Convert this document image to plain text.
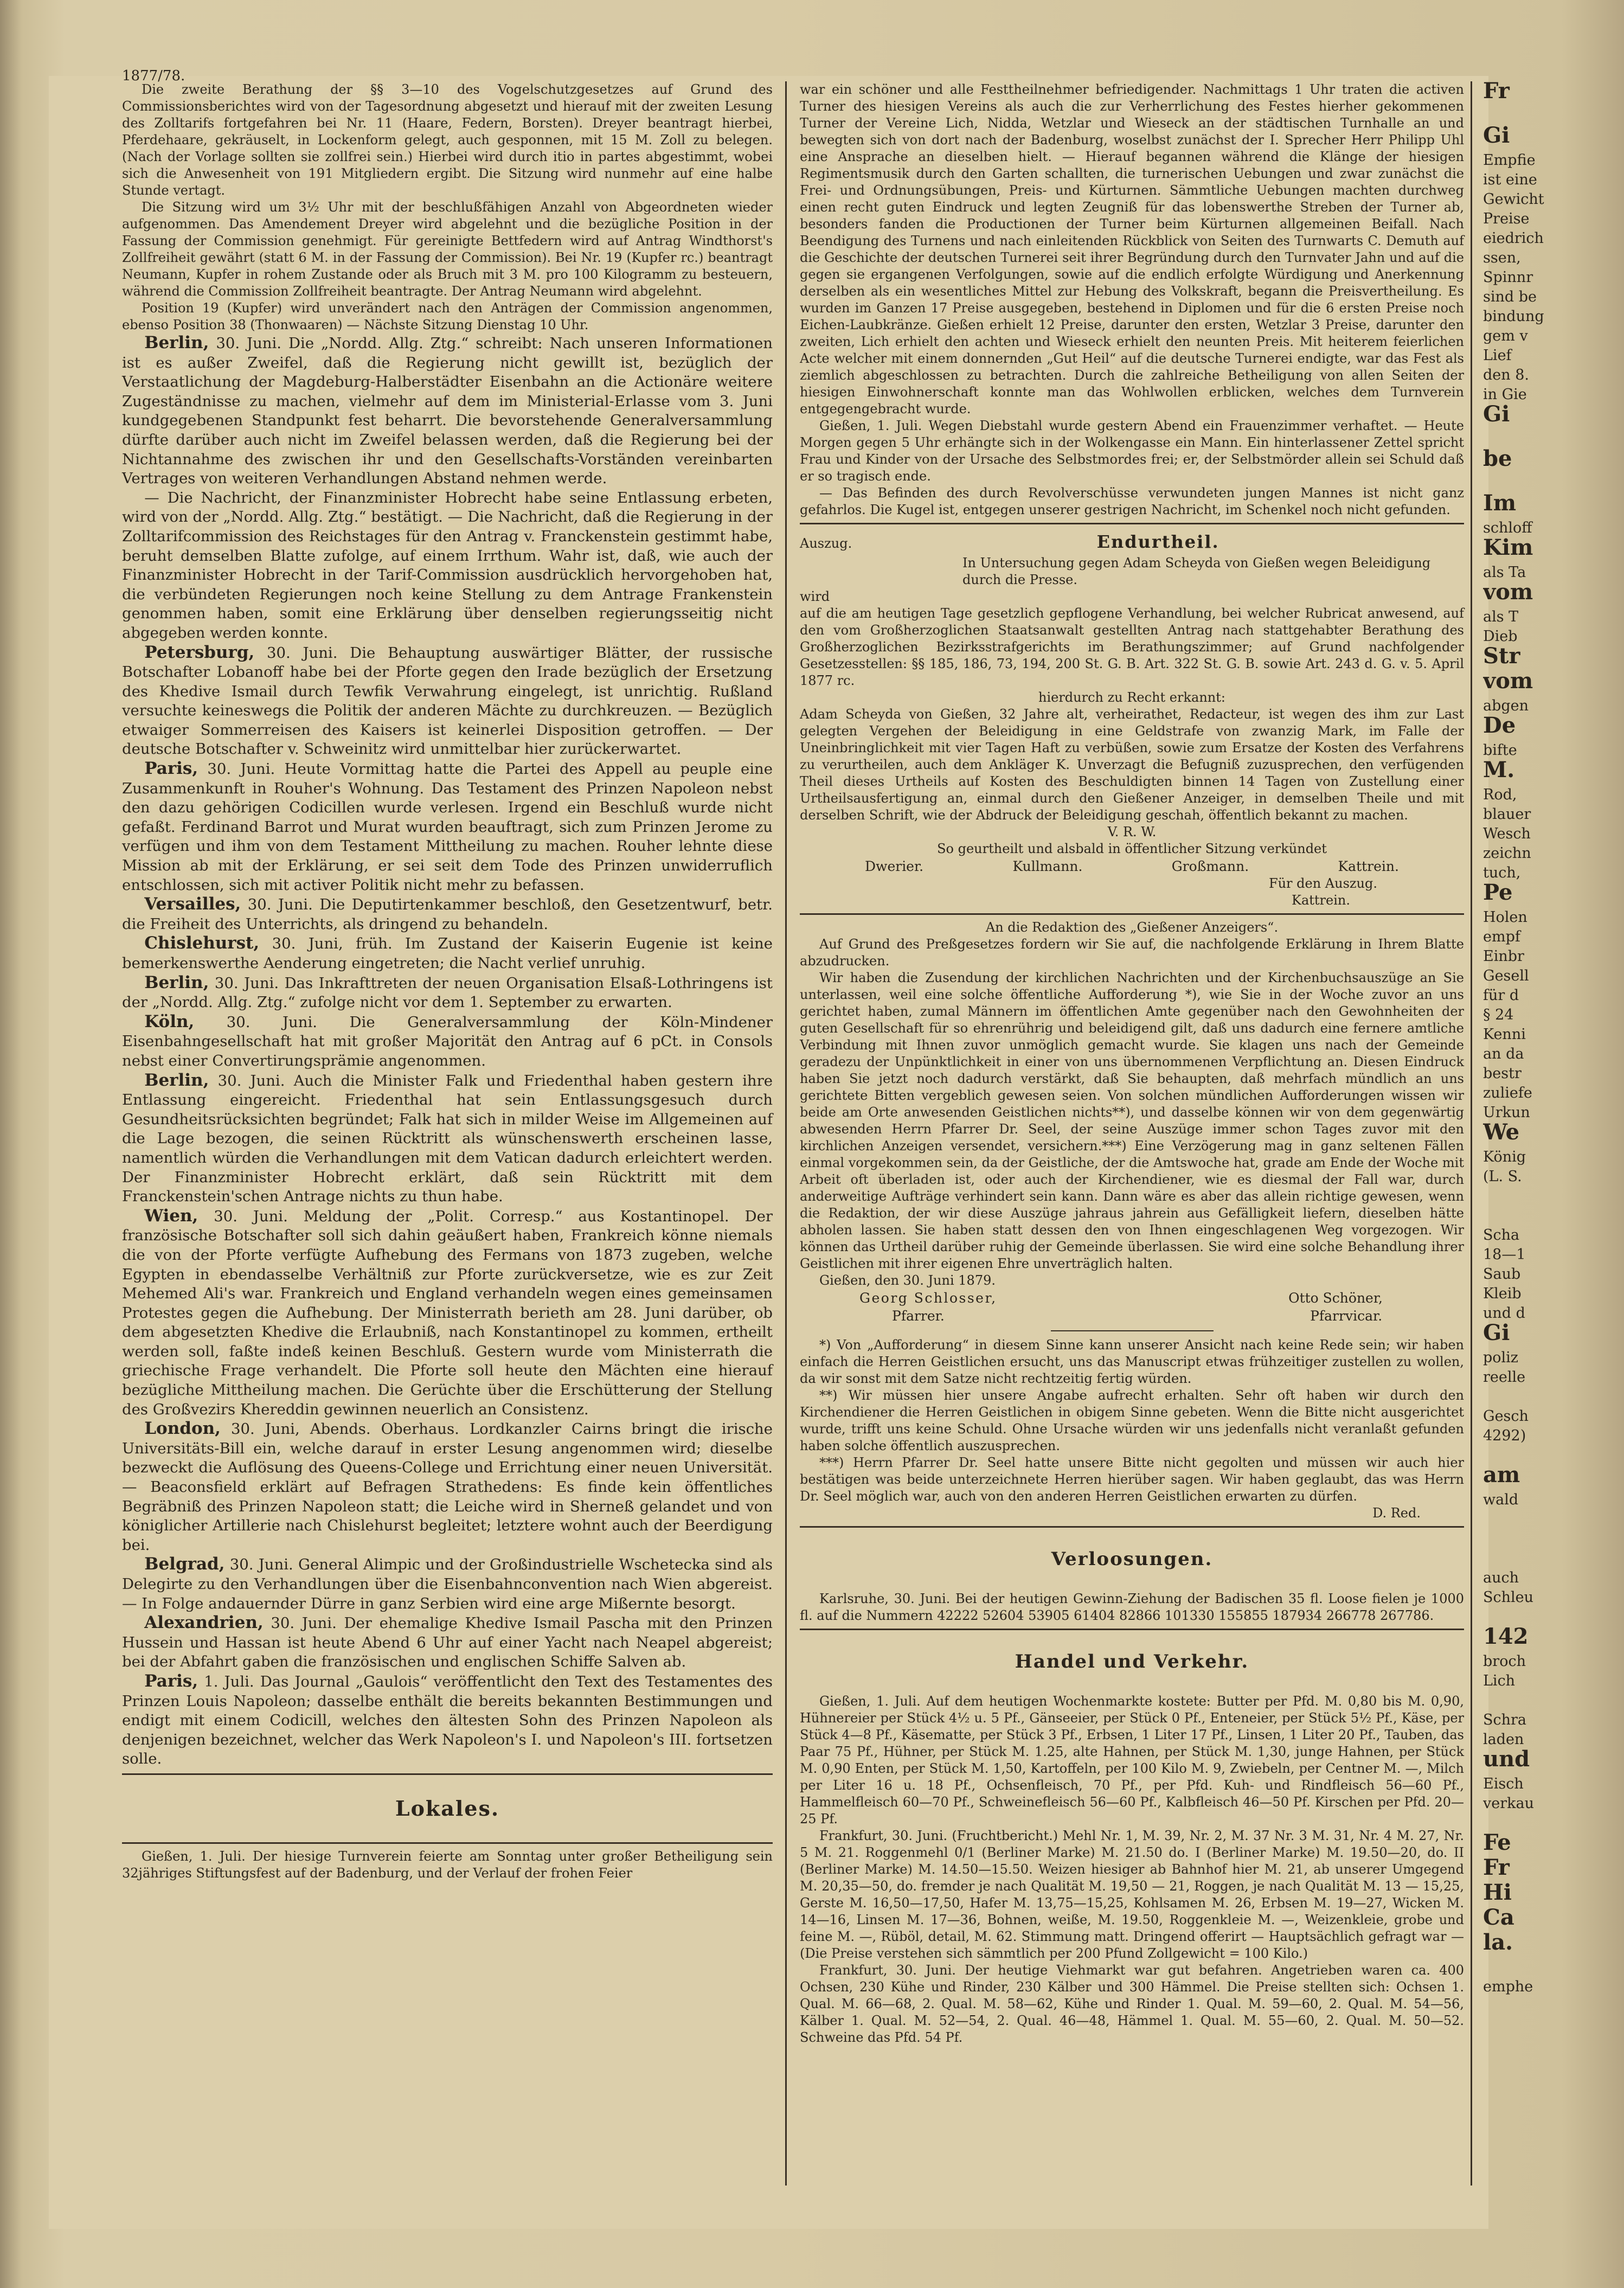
1877/78.

Die zweite Berathung der §§ 3—10 des Vogelschutzgesetzes auf Grund des Commissionsberichtes wird von der Tagesordnung abgesetzt und hierauf mit der zweiten Lesung des Zolltarifs fortgefahren bei Nr. 11 (Haare, Federn, Borsten). Dreyer beantragt hierbei, Pferdehaare, gekräuselt, in Lockenform gelegt, auch gesponnen, mit 15 M. Zoll zu belegen. (Nach der Vorlage sollten sie zollfrei sein.) Hierbei wird durch itio in partes abgestimmt, wobei sich die Anwesenheit von 191 Mitgliedern ergibt. Die Sitzung wird nunmehr auf eine halbe Stunde vertagt.

Die Sitzung wird um 3½ Uhr mit der beschlußfähigen Anzahl von Abgeordneten wieder aufgenommen. Das Amendement Dreyer wird abgelehnt und die bezügliche Position in der Fassung der Commission genehmigt. Für gereinigte Bettfedern wird auf Antrag Windthorst's Zollfreiheit gewährt (statt 6 M. in der Fassung der Commission). Bei Nr. 19 (Kupfer rc.) beantragt Neumann, Kupfer in rohem Zustande oder als Bruch mit 3 M. pro 100 Kilogramm zu besteuern, während die Commission Zollfreiheit beantragte. Der Antrag Neumann wird abgelehnt.

Position 19 (Kupfer) wird unverändert nach den Anträgen der Commission angenommen, ebenso Position 38 (Thonwaaren) — Nächste Sitzung Dienstag 10 Uhr.

Berlin, 30. Juni. Die „Nordd. Allg. Ztg.“ schreibt: Nach unseren Informationen ist es außer Zweifel, daß die Regierung nicht gewillt ist, bezüglich der Verstaatlichung der Magdeburg-Halberstädter Eisenbahn an die Actionäre weitere Zugeständnisse zu machen, vielmehr auf dem im Ministerial-Erlasse vom 3. Juni kundgegebenen Standpunkt fest beharrt. Die bevorstehende Generalversammlung dürfte darüber auch nicht im Zweifel belassen werden, daß die Regierung bei der Nichtannahme des zwischen ihr und den Gesellschafts-Vorständen vereinbarten Vertrages von weiteren Verhandlungen Abstand nehmen werde.

— Die Nachricht, der Finanzminister Hobrecht habe seine Entlassung erbeten, wird von der „Nordd. Allg. Ztg.“ bestätigt. — Die Nachricht, daß die Regierung in der Zolltarifcommission des Reichstages für den Antrag v. Franckenstein gestimmt habe, beruht demselben Blatte zufolge, auf einem Irrthum. Wahr ist, daß, wie auch der Finanzminister Hobrecht in der Tarif-Commission ausdrücklich hervorgehoben hat, die verbündeten Regierungen noch keine Stellung zu dem Antrage Frankenstein genommen haben, somit eine Erklärung über denselben regierungsseitig nicht abgegeben werden konnte.

Petersburg, 30. Juni. Die Behauptung auswärtiger Blätter, der russische Botschafter Lobanoff habe bei der Pforte gegen den Irade bezüglich der Ersetzung des Khedive Ismail durch Tewfik Verwahrung eingelegt, ist unrichtig. Rußland versuchte keineswegs die Politik der anderen Mächte zu durchkreuzen. — Bezüglich etwaiger Sommerreisen des Kaisers ist keinerlei Disposition getroffen. — Der deutsche Botschafter v. Schweinitz wird unmittelbar hier zurückerwartet.

Paris, 30. Juni. Heute Vormittag hatte die Partei des Appell au peuple eine Zusammenkunft in Rouher's Wohnung. Das Testament des Prinzen Napoleon nebst den dazu gehörigen Codicillen wurde verlesen. Irgend ein Beschluß wurde nicht gefaßt. Ferdinand Barrot und Murat wurden beauftragt, sich zum Prinzen Jerome zu verfügen und ihm von dem Testament Mittheilung zu machen. Rouher lehnte diese Mission ab mit der Erklärung, er sei seit dem Tode des Prinzen unwiderruflich entschlossen, sich mit activer Politik nicht mehr zu befassen.

Versailles, 30. Juni. Die Deputirtenkammer beschloß, den Gesetzentwurf, betr. die Freiheit des Unterrichts, als dringend zu behandeln.

Chislehurst, 30. Juni, früh. Im Zustand der Kaiserin Eugenie ist keine bemerkenswerthe Aenderung eingetreten; die Nacht verlief unruhig.

Berlin, 30. Juni. Das Inkrafttreten der neuen Organisation Elsaß-Lothringens ist der „Nordd. Allg. Ztg.“ zufolge nicht vor dem 1. September zu erwarten.

Köln, 30. Juni. Die Generalversammlung der Köln-Mindener Eisenbahngesellschaft hat mit großer Majorität den Antrag auf 6 pCt. in Consols nebst einer Convertirungsprämie angenommen.

Berlin, 30. Juni. Auch die Minister Falk und Friedenthal haben gestern ihre Entlassung eingereicht. Friedenthal hat sein Entlassungsgesuch durch Gesundheitsrücksichten begründet; Falk hat sich in milder Weise im Allgemeinen auf die Lage bezogen, die seinen Rücktritt als wünschenswerth erscheinen lasse, namentlich würden die Verhandlungen mit dem Vatican dadurch erleichtert werden. Der Finanzminister Hobrecht erklärt, daß sein Rücktritt mit dem Franckenstein'schen Antrage nichts zu thun habe.

Wien, 30. Juni. Meldung der „Polit. Corresp.“ aus Kostantinopel. Der französische Botschafter soll sich dahin geäußert haben, Frankreich könne niemals die von der Pforte verfügte Aufhebung des Fermans von 1873 zugeben, welche Egypten in ebendasselbe Verhältniß zur Pforte zurückversetze, wie es zur Zeit Mehemed Ali's war. Frankreich und England verhandeln wegen eines gemeinsamen Protestes gegen die Aufhebung. Der Ministerrath berieth am 28. Juni darüber, ob dem abgesetzten Khedive die Erlaubniß, nach Konstantinopel zu kommen, ertheilt werden soll, faßte indeß keinen Beschluß. Gestern wurde vom Ministerrath die griechische Frage verhandelt. Die Pforte soll heute den Mächten eine hierauf bezügliche Mittheilung machen. Die Gerüchte über die Erschütterung der Stellung des Großvezirs Khereddin gewinnen neuerlich an Consistenz.

London, 30. Juni, Abends. Oberhaus. Lordkanzler Cairns bringt die irische Universitäts-Bill ein, welche darauf in erster Lesung angenommen wird; dieselbe bezweckt die Auflösung des Queens-College und Errichtung einer neuen Universität. — Beaconsfield erklärt auf Befragen Strathedens: Es finde kein öffentliches Begräbniß des Prinzen Napoleon statt; die Leiche wird in Sherneß gelandet und von königlicher Artillerie nach Chislehurst begleitet; letztere wohnt auch der Beerdigung bei.

Belgrad, 30. Juni. General Alimpic und der Großindustrielle Wschetecka sind als Delegirte zu den Verhandlungen über die Eisenbahnconvention nach Wien abgereist. — In Folge andauernder Dürre in ganz Serbien wird eine arge Mißernte besorgt.

Alexandrien, 30. Juni. Der ehemalige Khedive Ismail Pascha mit den Prinzen Hussein und Hassan ist heute Abend 6 Uhr auf einer Yacht nach Neapel abgereist; bei der Abfahrt gaben die französischen und englischen Schiffe Salven ab.

Paris, 1. Juli. Das Journal „Gaulois“ veröffentlicht den Text des Testamentes des Prinzen Louis Napoleon; dasselbe enthält die bereits bekannten Bestimmungen und endigt mit einem Codicill, welches den ältesten Sohn des Prinzen Napoleon als denjenigen bezeichnet, welcher das Werk Napoleon's I. und Napoleon's III. fortsetzen solle.

Lokales.

Gießen, 1. Juli. Der hiesige Turnverein feierte am Sonntag unter großer Betheiligung sein 32jähriges Stiftungsfest auf der Badenburg, und der Verlauf der frohen Feier

war ein schöner und alle Festtheilnehmer befriedigender. Nachmittags 1 Uhr traten die activen Turner des hiesigen Vereins als auch die zur Verherrlichung des Festes hierher gekommenen Turner der Vereine Lich, Nidda, Wetzlar und Wieseck an der städtischen Turnhalle an und bewegten sich von dort nach der Badenburg, woselbst zunächst der I. Sprecher Herr Philipp Uhl eine Ansprache an dieselben hielt. — Hierauf begannen während die Klänge der hiesigen Regimentsmusik durch den Garten schallten, die turnerischen Uebungen und zwar zunächst die Frei- und Ordnungsübungen, Preis- und Kürturnen. Sämmtliche Uebungen machten durchweg einen recht guten Eindruck und legten Zeugniß für das lobenswerthe Streben der Turner ab, besonders fanden die Productionen der Turner beim Kürturnen allgemeinen Beifall. Nach Beendigung des Turnens und nach einleitenden Rückblick von Seiten des Turnwarts C. Demuth auf die Geschichte der deutschen Turnerei seit ihrer Begründung durch den Turnvater Jahn und auf die gegen sie ergangenen Verfolgungen, sowie auf die endlich erfolgte Würdigung und Anerkennung derselben als ein wesentliches Mittel zur Hebung des Volkskraft, begann die Preisvertheilung. Es wurden im Ganzen 17 Preise ausgegeben, bestehend in Diplomen und für die 6 ersten Preise noch Eichen-Laubkränze. Gießen erhielt 12 Preise, darunter den ersten, Wetzlar 3 Preise, darunter den zweiten, Lich erhielt den achten und Wieseck erhielt den neunten Preis. Mit heiterem feierlichen Acte welcher mit einem donnernden „Gut Heil“ auf die deutsche Turnerei endigte, war das Fest als ziemlich abgeschlossen zu betrachten. Durch die zahlreiche Betheiligung von allen Seiten der hiesigen Einwohnerschaft konnte man das Wohlwollen erblicken, welches dem Turnverein entgegengebracht wurde.

Gießen, 1. Juli. Wegen Diebstahl wurde gestern Abend ein Frauenzimmer verhaftet. — Heute Morgen gegen 5 Uhr erhängte sich in der Wolkengasse ein Mann. Ein hinterlassener Zettel spricht Frau und Kinder von der Ursache des Selbstmordes frei; er, der Selbstmörder allein sei Schuld daß er so tragisch ende.

— Das Befinden des durch Revolverschüsse verwundeten jungen Mannes ist nicht ganz gefahrlos. Die Kugel ist, entgegen unserer gestrigen Nachricht, im Schenkel noch nicht gefunden.

Auszug.	Endurtheil.

In Untersuchung gegen Adam Scheyda von Gießen wegen Beleidigung durch die Presse.

wird

auf die am heutigen Tage gesetzlich gepflogene Verhandlung, bei welcher Rubricat anwesend, auf den vom Großherzoglichen Staatsanwalt gestellten Antrag nach stattgehabter Berathung des Großherzoglichen Bezirksstrafgerichts im Berathungszimmer; auf Grund nachfolgender Gesetzesstellen: §§ 185, 186, 73, 194, 200 St. G. B. Art. 322 St. G. B. sowie Art. 243 d. G. v. 5. April 1877 rc.

hierdurch zu Recht erkannt:

Adam Scheyda von Gießen, 32 Jahre alt, verheirathet, Redacteur, ist wegen des ihm zur Last gelegten Vergehen der Beleidigung in eine Geldstrafe von zwanzig Mark, im Falle der Uneinbringlichkeit mit vier Tagen Haft zu verbüßen, sowie zum Ersatze der Kosten des Verfahrens zu verurtheilen, auch dem Ankläger K. Unverzagt die Befugniß zuzusprechen, den verfügenden Theil dieses Urtheils auf Kosten des Beschuldigten binnen 14 Tagen von Zustellung einer Urtheilsausfertigung an, einmal durch den Gießener Anzeiger, in demselben Theile und mit derselben Schrift, wie der Abdruck der Beleidigung geschah, öffentlich bekannt zu machen.

V. R. W.

So geurtheilt und alsbald in öffentlicher Sitzung verkündet

Dwerier.	Kullmann.	Großmann.	Kattrein.

Für den Auszug.

Kattrein.

An die Redaktion des „Gießener Anzeigers“.

Auf Grund des Preßgesetzes fordern wir Sie auf, die nachfolgende Erklärung in Ihrem Blatte abzudrucken.

Wir haben die Zusendung der kirchlichen Nachrichten und der Kirchenbuchsauszüge an Sie unterlassen, weil eine solche öffentliche Aufforderung *), wie Sie in der Woche zuvor an uns gerichtet haben, zumal Männern im öffentlichen Amte gegenüber nach den Gewohnheiten der guten Gesellschaft für so ehrenrührig und beleidigend gilt, daß uns dadurch eine fernere amtliche Verbindung mit Ihnen zuvor unmöglich gemacht wurde. Sie klagen uns nach der Gemeinde geradezu der Unpünktlichkeit in einer von uns übernommenen Verpflichtung an. Diesen Eindruck haben Sie jetzt noch dadurch verstärkt, daß Sie behaupten, daß mehrfach mündlich an uns gerichtete Bitten vergeblich gewesen seien. Von solchen mündlichen Aufforderungen wissen wir beide am Orte anwesenden Geistlichen nichts**), und dasselbe können wir von dem gegenwärtig abwesenden Herrn Pfarrer Dr. Seel, der seine Auszüge immer schon Tages zuvor mit den kirchlichen Anzeigen versendet, versichern.***) Eine Verzögerung mag in ganz seltenen Fällen einmal vorgekommen sein, da der Geistliche, der die Amtswoche hat, grade am Ende der Woche mit Arbeit oft überladen ist, oder auch der Kirchendiener, wie es diesmal der Fall war, durch anderweitige Aufträge verhindert sein kann. Dann wäre es aber das allein richtige gewesen, wenn die Redaktion, der wir diese Auszüge jahraus jahrein aus Gefälligkeit liefern, dieselben hätte abholen lassen. Sie haben statt dessen den von Ihnen eingeschlagenen Weg vorgezogen. Wir können das Urtheil darüber ruhig der Gemeinde überlassen. Sie wird eine solche Behandlung ihrer Geistlichen mit ihrer eigenen Ehre unverträglich halten.

Gießen, den 30. Juni 1879.

Georg Schlosser,
Pfarrer.
Otto Schöner,
Pfarrvicar.

*) Von „Aufforderung“ in diesem Sinne kann unserer Ansicht nach keine Rede sein; wir haben einfach die Herren Geistlichen ersucht, uns das Manuscript etwas frühzeitiger zustellen zu wollen, da wir sonst mit dem Satze nicht rechtzeitig fertig würden.

**) Wir müssen hier unsere Angabe aufrecht erhalten. Sehr oft haben wir durch den Kirchendiener die Herren Geistlichen in obigem Sinne gebeten. Wenn die Bitte nicht ausgerichtet wurde, trifft uns keine Schuld. Ohne Ursache würden wir uns jedenfalls nicht veranlaßt gefunden haben solche öffentlich auszusprechen.

***) Herrn Pfarrer Dr. Seel hatte unsere Bitte nicht gegolten und müssen wir auch hier bestätigen was beide unterzeichnete Herren hierüber sagen. Wir haben geglaubt, das was Herrn Dr. Seel möglich war, auch von den anderen Herren Geistlichen erwarten zu dürfen.

D. Red.

Verloosungen.

Karlsruhe, 30. Juni. Bei der heutigen Gewinn-Ziehung der Badischen 35 fl. Loose fielen je 1000 fl. auf die Nummern 42222 52604 53905 61404 82866 101330 155855 187934 266778 267786.

Handel und Verkehr.

Gießen, 1. Juli. Auf dem heutigen Wochenmarkte kostete: Butter per Pfd. M. 0,80 bis M. 0,90, Hühnereier per Stück 4½ u. 5 Pf., Gänseeier, per Stück 0 Pf., Enteneier, per Stück 5½ Pf., Käse, per Stück 4—8 Pf., Käsematte, per Stück 3 Pf., Erbsen, 1 Liter 17 Pf., Linsen, 1 Liter 20 Pf., Tauben, das Paar 75 Pf., Hühner, per Stück M. 1.25, alte Hahnen, per Stück M. 1,30, junge Hahnen, per Stück M. 0,90 Enten, per Stück M. 1,50, Kartoffeln, per 100 Kilo M. 9, Zwiebeln, per Centner M. —, Milch per Liter 16 u. 18 Pf., Ochsenfleisch, 70 Pf., per Pfd. Kuh- und Rindfleisch 56—60 Pf., Hammelfleisch 60—70 Pf., Schweinefleisch 56—60 Pf., Kalbfleisch 46—50 Pf. Kirschen per Pfd. 20—25 Pf.

Frankfurt, 30. Juni. (Fruchtbericht.) Mehl Nr. 1, M. 39, Nr. 2, M. 37 Nr. 3 M. 31, Nr. 4 M. 27, Nr. 5 M. 21. Roggenmehl 0/1 (Berliner Marke) M. 21.50 do. I (Berliner Marke) M. 19.50—20, do. II (Berliner Marke) M. 14.50—15.50. Weizen hiesiger ab Bahnhof hier M. 21, ab unserer Umgegend M. 20,35—50, do. fremder je nach Qualität M. 19,50 — 21, Roggen, je nach Qualität M. 13 — 15,25, Gerste M. 16,50—17,50, Hafer M. 13,75—15,25, Kohlsamen M. 26, Erbsen M. 19—27, Wicken M. 14—16, Linsen M. 17—36, Bohnen, weiße, M. 19.50, Roggenkleie M. —, Weizenkleie, grobe und feine M. —, Rüböl, detail, M. 62. Stimmung matt. Dringend offerirt — Hauptsächlich gefragt war — (Die Preise verstehen sich sämmtlich per 200 Pfund Zollgewicht = 100 Kilo.)

Frankfurt, 30. Juni. Der heutige Viehmarkt war gut befahren. Angetrieben waren ca. 400 Ochsen, 230 Kühe und Rinder, 230 Kälber und 300 Hämmel. Die Preise stellten sich: Ochsen 1. Qual. M. 66—68, 2. Qual. M. 58—62, Kühe und Rinder 1. Qual. M. 59—60, 2. Qual. M. 54—56, Kälber 1. Qual. M. 52—54, 2. Qual. 46—48, Hämmel 1. Qual. M. 55—60, 2. Qual. M. 50—52. Schweine das Pfd. 54 Pf.

Fr
Gi
Empfie
ist eine
Gewicht
Preise
eiedrich
ssen,
Spinnr
sind be
bindung
gem v
Lief
den 8.
in Gie
Gi
be
Im
schloff
Kim
als Ta
vom
als T
Dieb
Str
vom
abgen
De
bifte
M.
Rod,
blauer
Wesch
zeichn
tuch,
Pe
Holen
empf
Einbr
Gesell
für d
§ 24
Kenni
an da
bestr
zuliefe
Urkun
We
König
(L. S.
Scha
18—1
Saub
Kleib
und d
Gi
poliz
reelle
Gesch
4292)
am
wald
auch
Schleu
142
broch
Lich
Schra
laden
und
Eisch
verkau
Fe
Fr
Hi
Ca
la.
emphe
